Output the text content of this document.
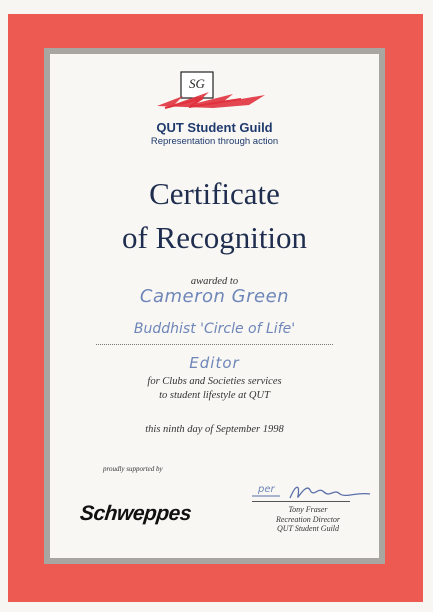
SG
QUT Student Guild
Representation through action
Certificate
of Recognition
awarded to
Cameron Green
Buddhist 'Circle of Life'
Editor
for Clubs and Societies services
to student lifestyle at QUT
this ninth day of September 1998
proudly supported by
Schweppes
per
Tony Fraser
Recreation Director
QUT Student Guild
